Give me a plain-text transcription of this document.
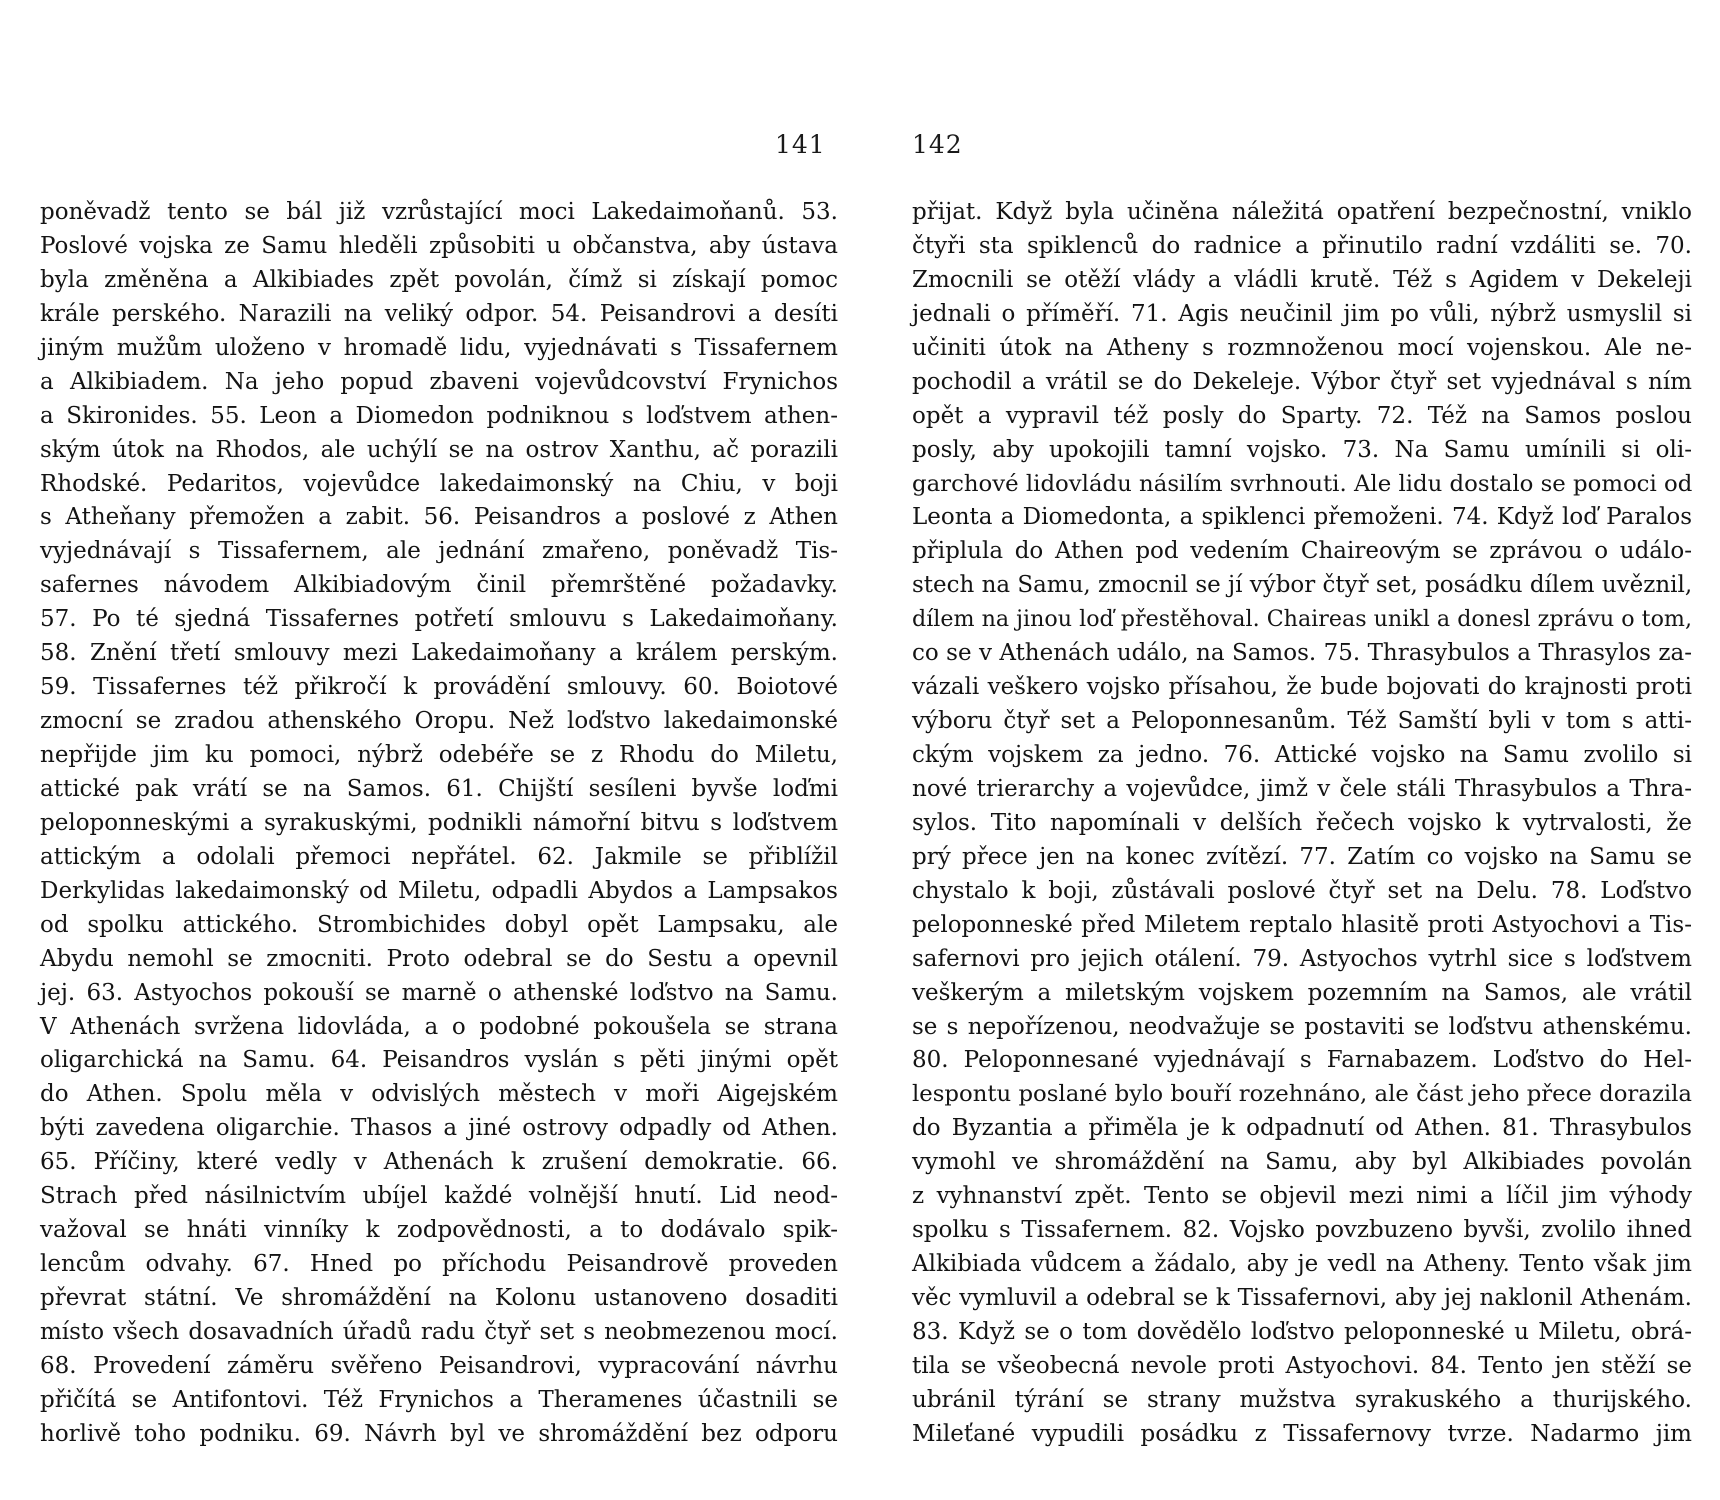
141	142
poněvadž tento se bál již vzrůstající moci Lakedaimoňanů. 53.
Poslové vojska ze Samu hleděli způsobiti u občanstva, aby ústava
byla změněna a Alkibiades zpět povolán, čímž si získají pomoc
krále perského. Narazili na veliký odpor. 54. Peisandrovi a desíti
jiným mužům uloženo v hromadě lidu, vyjednávati s Tissafernem
a Alkibiadem. Na jeho popud zbaveni vojevůdcovství Frynichos
a Skironides. 55. Leon a Diomedon podniknou s loďstvem athen-
ským útok na Rhodos, ale uchýlí se na ostrov Xanthu, ač porazili
Rhodské. Pedaritos, vojevůdce lakedaimonský na Chiu, v boji
s Atheňany přemožen a zabit. 56. Peisandros a poslové z Athen
vyjednávají s Tissafernem, ale jednání zmařeno, poněvadž Tis-
safernes návodem Alkibiadovým činil přemrštěné požadavky.
57. Po té sjedná Tissafernes potřetí smlouvu s Lakedaimoňany.
58. Znění třetí smlouvy mezi Lakedaimoňany a králem perským.
59. Tissafernes též přikročí k provádění smlouvy. 60. Boiotové
zmocní se zradou athenského Oropu. Než loďstvo lakedaimonské
nepřijde jim ku pomoci, nýbrž odebéře se z Rhodu do Miletu,
attické pak vrátí se na Samos. 61. Chijští sesíleni byvše loďmi
peloponneskými a syrakuskými, podnikli námořní bitvu s loďstvem
attickým a odolali přemoci nepřátel. 62. Jakmile se přiblížil
Derkylidas lakedaimonský od Miletu, odpadli Abydos a Lampsakos
od spolku attického. Strombichides dobyl opět Lampsaku, ale
Abydu nemohl se zmocniti. Proto odebral se do Sestu a opevnil
jej. 63. Astyochos pokouší se marně o athenské loďstvo na Samu.
V Athenách svržena lidovláda, a o podobné pokoušela se strana
oligarchická na Samu. 64. Peisandros vyslán s pěti jinými opět
do Athen. Spolu měla v odvislých městech v moři Aigejském
býti zavedena oligarchie. Thasos a jiné ostrovy odpadly od Athen.
65. Příčiny, které vedly v Athenách k zrušení demokratie. 66.
Strach před násilnictvím ubíjel každé volnější hnutí. Lid neod-
važoval se hnáti vinníky k zodpovědnosti, a to dodávalo spik-
lencům odvahy. 67. Hned po příchodu Peisandrově proveden
převrat státní. Ve shromáždění na Kolonu ustanoveno dosaditi
místo všech dosavadních úřadů radu čtyř set s neobmezenou mocí.
68. Provedení záměru svěřeno Peisandrovi, vypracování návrhu
přičítá se Antifontovi. Též Frynichos a Theramenes účastnili se
horlivě toho podniku. 69. Návrh byl ve shromáždění bez odporu
přijat. Když byla učiněna náležitá opatření bezpečnostní, vniklo
čtyři sta spiklenců do radnice a přinutilo radní vzdáliti se. 70.
Zmocnili se otěží vlády a vládli krutě. Též s Agidem v Dekeleji
jednali o příměří. 71. Agis neučinil jim po vůli, nýbrž usmyslil si
učiniti útok na Atheny s rozmnoženou mocí vojenskou. Ale ne-
pochodil a vrátil se do Dekeleje. Výbor čtyř set vyjednával s ním
opět a vypravil též posly do Sparty. 72. Též na Samos poslou
posly, aby upokojili tamní vojsko. 73. Na Samu umínili si oli-
garchové lidovládu násilím svrhnouti. Ale lidu dostalo se pomoci od
Leonta a Diomedonta, a spiklenci přemoženi. 74. Když loď Paralos
připlula do Athen pod vedením Chaireovým se zprávou o událo-
stech na Samu, zmocnil se jí výbor čtyř set, posádku dílem uvěznil,
dílem na jinou loď přestěhoval. Chaireas unikl a donesl zprávu o tom,
co se v Athenách událo, na Samos. 75. Thrasybulos a Thrasylos za-
vázali veškero vojsko přísahou, že bude bojovati do krajnosti proti
výboru čtyř set a Peloponnesanům. Též Samští byli v tom s atti-
ckým vojskem za jedno. 76. Attické vojsko na Samu zvolilo si
nové trierarchy a vojevůdce, jimž v čele stáli Thrasybulos a Thra-
sylos. Tito napomínali v delších řečech vojsko k vytrvalosti, že
prý přece jen na konec zvítězí. 77. Zatím co vojsko na Samu se
chystalo k boji, zůstávali poslové čtyř set na Delu. 78. Loďstvo
peloponneské před Miletem reptalo hlasitě proti Astyochovi a Tis-
safernovi pro jejich otálení. 79. Astyochos vytrhl sice s loďstvem
veškerým a miletským vojskem pozemním na Samos, ale vrátil
se s nepořízenou, neodvažuje se postaviti se loďstvu athenskému.
80. Peloponnesané vyjednávají s Farnabazem. Loďstvo do Hel-
lespontu poslané bylo bouří rozehnáno, ale část jeho přece dorazila
do Byzantia a přiměla je k odpadnutí od Athen. 81. Thrasybulos
vymohl ve shromáždění na Samu, aby byl Alkibiades povolán
z vyhnanství zpět. Tento se objevil mezi nimi a líčil jim výhody
spolku s Tissafernem. 82. Vojsko povzbuzeno byvši, zvolilo ihned
Alkibiada vůdcem a žádalo, aby je vedl na Atheny. Tento však jim
věc vymluvil a odebral se k Tissafernovi, aby jej naklonil Athenám.
83. Když se o tom dovědělo loďstvo peloponneské u Miletu, obrá-
tila se všeobecná nevole proti Astyochovi. 84. Tento jen stěží se
ubránil týrání se strany mužstva syrakuského a thurijského.
Milеťané vypudili posádku z Tissafernovy tvrze. Nadarmo jim
